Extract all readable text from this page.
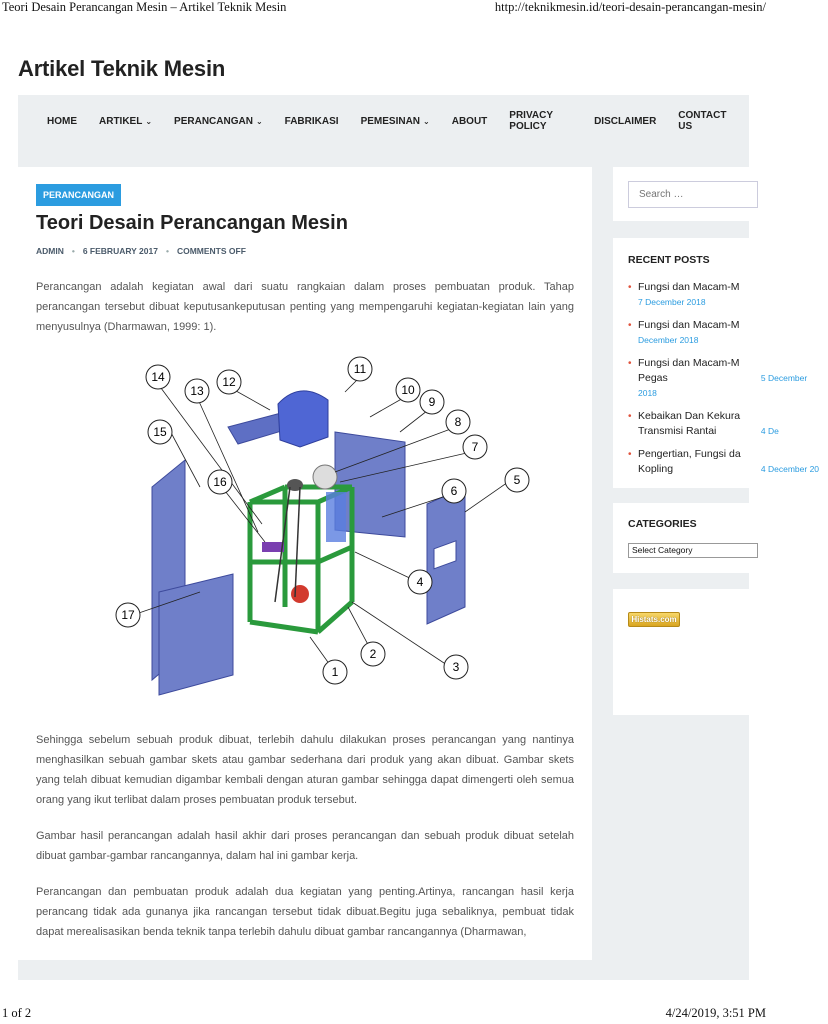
Teori Desain Perancangan Mesin – Artikel Teknik Mesin	http://teknikmesin.id/teori-desain-perancangan-mesin/
Artikel Teknik Mesin
HOME ARTIKEL ⌄ PERANCANGAN ⌄ FABRIKASI PEMESINAN ⌄ ABOUT PRIVACY POLICY	DISCLAIMER CONTACT US
PERANCANGAN
Teori Desain Perancangan Mesin
ADMIN • 6 FEBRUARY 2017 • COMMENTS OFF

Perancangan adalah kegiatan awal dari suatu rangkaian dalam proses pembuatan produk. Tahap perancangan tersebut dibuat keputusankeputusan penting yang mempengaruhi kegiatan-kegiatan lain yang menyusulnya (Dharmawan, 1999: 1).

1
2
3
4
5
6
7
8
9
10
11
12
13
14
15
16
17

Sehingga sebelum sebuah produk dibuat, terlebih dahulu dilakukan proses perancangan yang nantinya menghasilkan sebuah gambar skets atau gambar sederhana dari produk yang akan dibuat. Gambar skets yang telah dibuat kemudian digambar kembali dengan aturan gambar sehingga dapat dimengerti oleh semua orang yang ikut terlibat dalam proses pembuatan produk tersebut.

Gambar hasil perancangan adalah hasil akhir dari proses perancangan dan sebuah produk dibuat setelah dibuat gambar-gambar rancangannya, dalam hal ini gambar kerja.

Perancangan dan pembuatan produk adalah dua kegiatan yang penting.Artinya, rancangan hasil kerja perancang tidak ada gunanya jika rancangan tersebut tidak dibuat.Begitu juga sebaliknya, pembuat tidak dapat merealisasikan benda teknik tanpa terlebih dahulu dibuat gambar rancangannya (Dharmawan,

Search …
RECENT POSTS
• Fungsi dan Macam-M
7 December 2018
• Fungsi dan Macam-M
December 2018
• Fungsi dan Macam-M Pegas	5 December 2018
• Kebaikan Dan Kekura Transmisi Rantai	4 De
• Pengertian, Fungsi da Kopling	4 December 20
CATEGORIES
Select Category
Histats.com
1 of 2	4/24/2019, 3:51 PM
